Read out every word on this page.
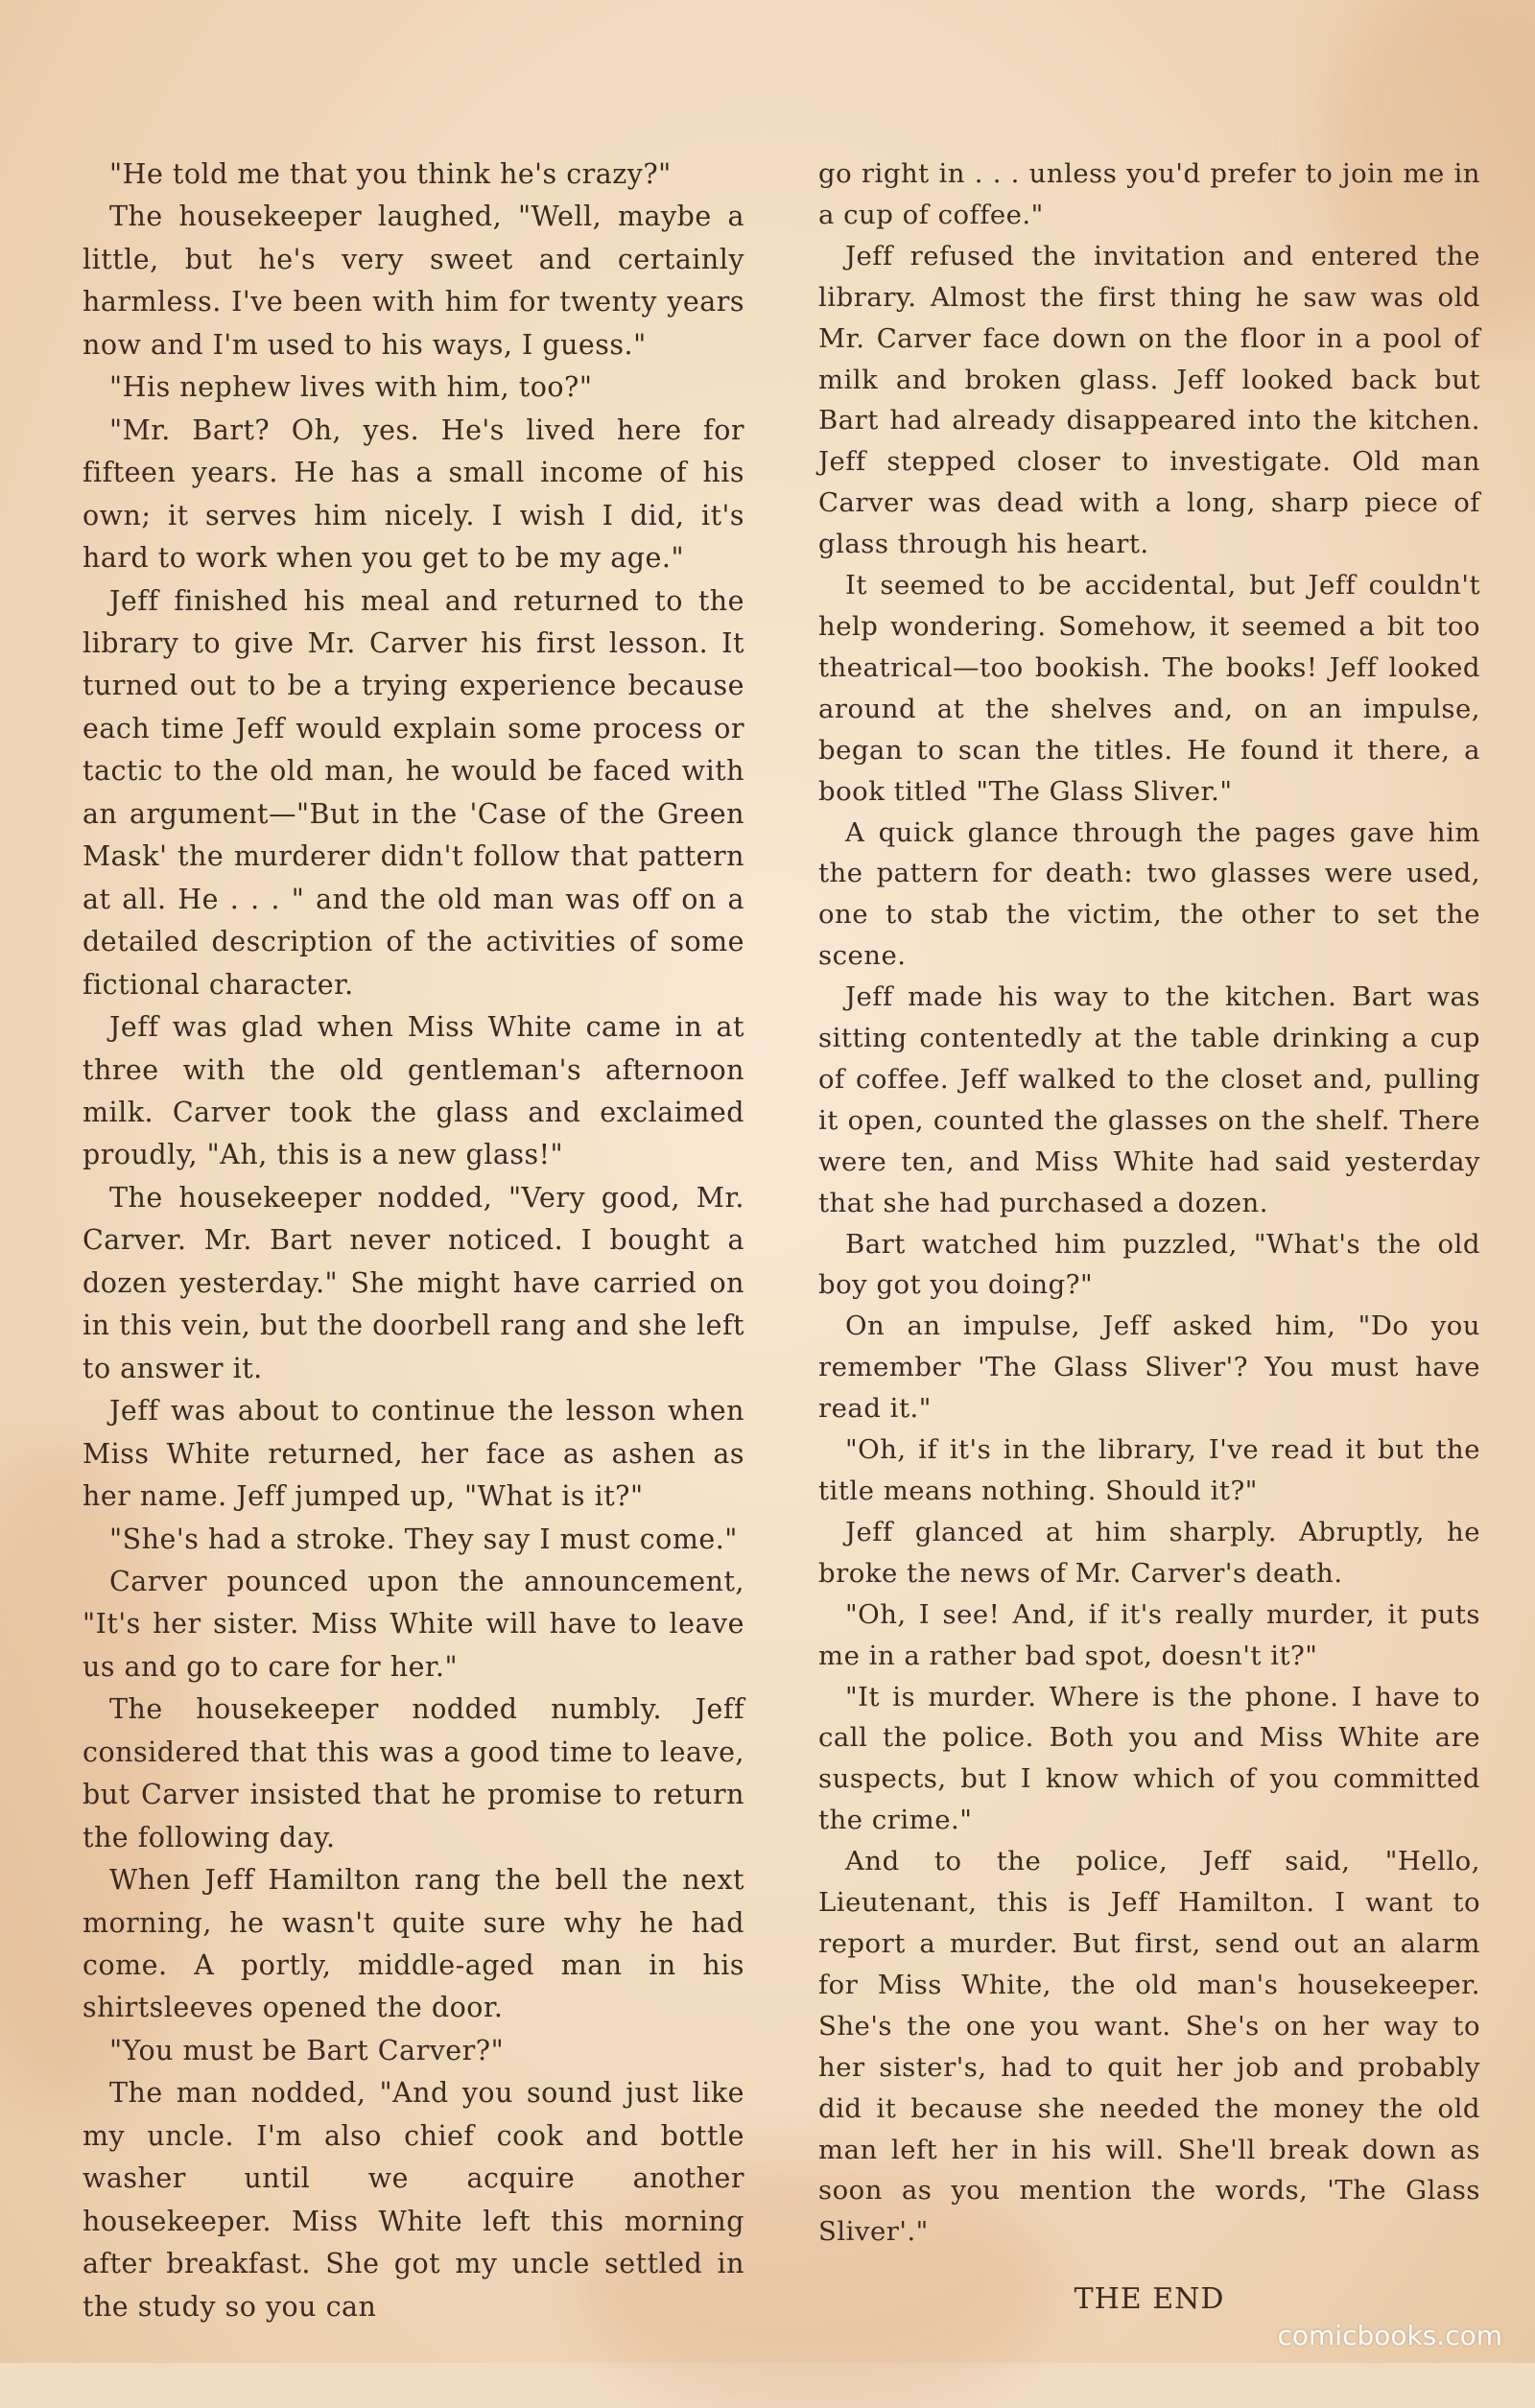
"He told me that you think he's crazy?"

The housekeeper laughed, "Well, maybe a little, but he's very sweet and certainly harmless. I've been with him for twenty years now and I'm used to his ways, I guess."

"His nephew lives with him, too?"

"Mr. Bart? Oh, yes. He's lived here for fifteen years. He has a small income of his own; it serves him nicely. I wish I did, it's hard to work when you get to be my age."

Jeff finished his meal and returned to the library to give Mr. Carver his first lesson. It turned out to be a trying experience because each time Jeff would explain some process or tactic to the old man, he would be faced with an argument—"But in the 'Case of the Green Mask' the murderer didn't follow that pattern at all. He . . . " and the old man was off on a detailed description of the activities of some fictional character.

Jeff was glad when Miss White came in at three with the old gentleman's afternoon milk. Carver took the glass and exclaimed proudly, "Ah, this is a new glass!"

The housekeeper nodded, "Very good, Mr. Carver. Mr. Bart never noticed. I bought a dozen yesterday." She might have carried on in this vein, but the doorbell rang and she left to answer it.

Jeff was about to continue the lesson when Miss White returned, her face as ashen as her name. Jeff jumped up, "What is it?"

"She's had a stroke. They say I must come."

Carver pounced upon the announcement, "It's her sister. Miss White will have to leave us and go to care for her."

The housekeeper nodded numbly. Jeff considered that this was a good time to leave, but Carver insisted that he promise to return the following day.

When Jeff Hamilton rang the bell the next morning, he wasn't quite sure why he had come. A portly, middle-aged man in his shirtsleeves opened the door.

"You must be Bart Carver?"

The man nodded, "And you sound just like my uncle. I'm also chief cook and bottle washer until we acquire another housekeeper. Miss White left this morning after breakfast. She got my uncle settled in the study so you can

go right in . . . unless you'd prefer to join me in a cup of coffee."

Jeff refused the invitation and entered the library. Almost the first thing he saw was old Mr. Carver face down on the floor in a pool of milk and broken glass. Jeff looked back but Bart had already disappeared into the kitchen. Jeff stepped closer to investigate. Old man Carver was dead with a long, sharp piece of glass through his heart.

It seemed to be accidental, but Jeff couldn't help wondering. Somehow, it seemed a bit too theatrical—too bookish. The books! Jeff looked around at the shelves and, on an impulse, began to scan the titles. He found it there, a book titled "The Glass Sliver."

A quick glance through the pages gave him the pattern for death: two glasses were used, one to stab the victim, the other to set the scene.

Jeff made his way to the kitchen. Bart was sitting contentedly at the table drinking a cup of coffee. Jeff walked to the closet and, pulling it open, counted the glasses on the shelf. There were ten, and Miss White had said yesterday that she had purchased a dozen.

Bart watched him puzzled, "What's the old boy got you doing?"

On an impulse, Jeff asked him, "Do you remember 'The Glass Sliver'? You must have read it."

"Oh, if it's in the library, I've read it but the title means nothing. Should it?"

Jeff glanced at him sharply. Abruptly, he broke the news of Mr. Carver's death.

"Oh, I see! And, if it's really murder, it puts me in a rather bad spot, doesn't it?"

"It is murder. Where is the phone. I have to call the police. Both you and Miss White are suspects, but I know which of you committed the crime."

And to the police, Jeff said, "Hello, Lieutenant, this is Jeff Hamilton. I want to report a murder. But first, send out an alarm for Miss White, the old man's housekeeper. She's the one you want. She's on her way to her sister's, had to quit her job and probably did it because she needed the money the old man left her in his will. She'll break down as soon as you mention the words, 'The Glass Sliver'."

THE END
comicbooks.com
